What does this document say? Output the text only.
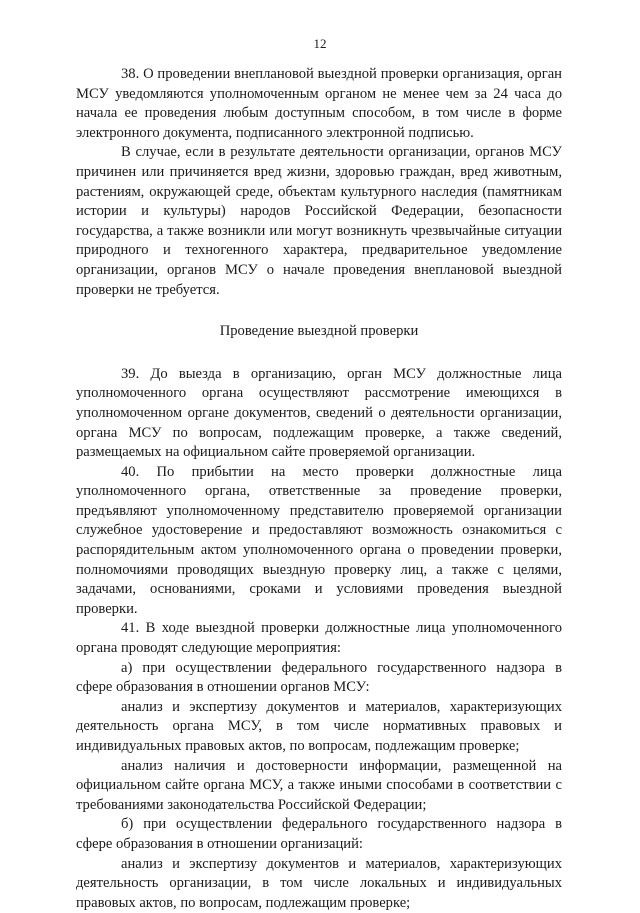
12

38. О проведении внеплановой выездной проверки организация, орган МСУ уведомляются уполномоченным органом не менее чем за 24 часа до начала ее проведения любым доступным способом, в том числе в форме электронного документа, подписанного электронной подписью.

В случае, если в результате деятельности организации, органов МСУ причинен или причиняется вред жизни, здоровью граждан, вред животным, растениям, окружающей среде, объектам культурного наследия (памятникам истории и культуры) народов Российской Федерации, безопасности государства, а также возникли или могут возникнуть чрезвычайные ситуации природного и техногенного характера, предварительное уведомление организации, органов МСУ о начале проведения внеплановой выездной проверки не требуется.

Проведение выездной проверки

39. До выезда в организацию, орган МСУ должностные лица уполномоченного органа осуществляют рассмотрение имеющихся в уполномоченном органе документов, сведений о деятельности организации, органа МСУ по вопросам, подлежащим проверке, а также сведений, размещаемых на официальном сайте проверяемой организации.

40. По прибытии на место проверки должностные лица уполномоченного органа, ответственные за проведение проверки, предъявляют уполномоченному представителю проверяемой организации служебное удостоверение и предоставляют возможность ознакомиться с распорядительным актом уполномоченного органа о проведении проверки, полномочиями проводящих выездную проверку лиц, а также с целями, задачами, основаниями, сроками и условиями проведения выездной проверки.

41. В ходе выездной проверки должностные лица уполномоченного органа проводят следующие мероприятия:

а) при осуществлении федерального государственного надзора в сфере образования в отношении органов МСУ:

анализ и экспертизу документов и материалов, характеризующих деятельность органа МСУ, в том числе нормативных правовых и индивидуальных правовых актов, по вопросам, подлежащим проверке;

анализ наличия и достоверности информации, размещенной на официальном сайте органа МСУ, а также иными способами в соответствии с требованиями законодательства Российской Федерации;

б) при осуществлении федерального государственного надзора в сфере образования в отношении организаций:

анализ и экспертизу документов и материалов, характеризующих деятельность организации, в том числе локальных и индивидуальных правовых актов, по вопросам, подлежащим проверке;
